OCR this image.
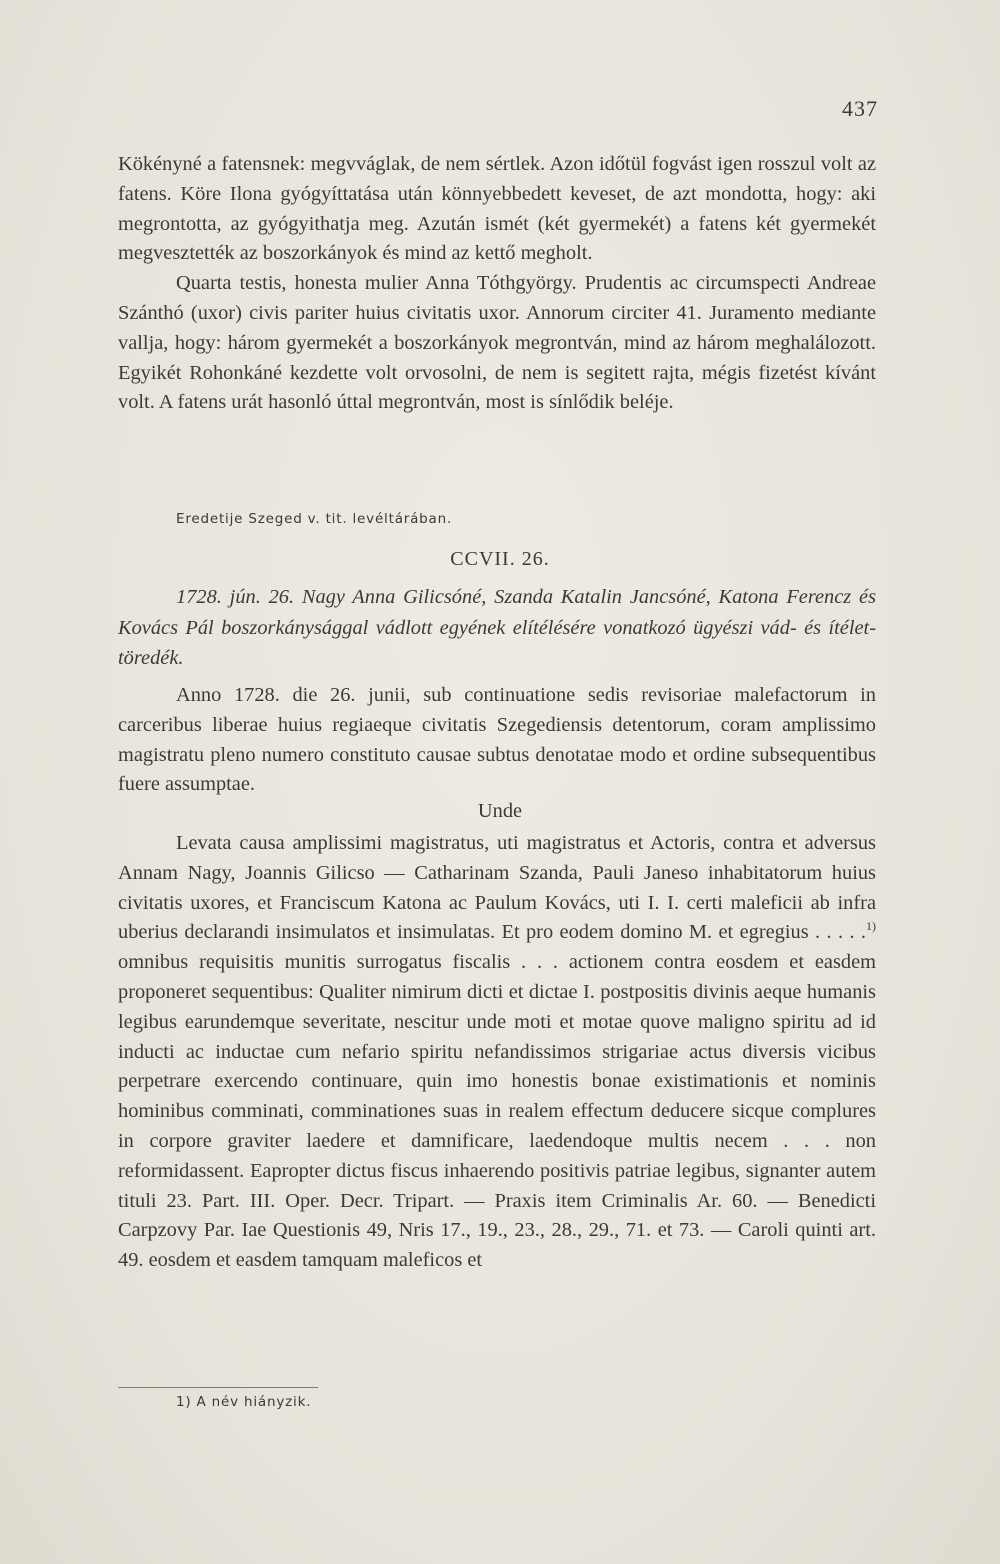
437

Kökényné a fatensnek: megvváglak, de nem sértlek. Azon időtül fogvást igen rosszul volt az fatens. Köre Ilona gyógyíttatása után könnyebbedett keveset, de azt mondotta, hogy: aki megrontotta, az gyógyithatja meg. Azután ismét (két gyermekét) a fatens két gyermekét megvesztették az boszorkányok és mind az kettő megholt.

Quarta testis, honesta mulier Anna Tóthgyörgy. Prudentis ac circumspecti Andreae Szánthó (uxor) civis pariter huius civitatis uxor. Annorum circiter 41. Juramento mediante vallja, hogy: három gyermekét a boszorkányok megrontván, mind az három meghalálozott. Egyikét Rohonkáné kezdette volt orvosolni, de nem is segitett rajta, mégis fizetést kívánt volt. A fatens urát hasonló úttal megrontván, most is sínlődik beléje.

Eredetije Szeged v. tit. levéltárában.
CCVII. 26.

1728. jún. 26. Nagy Anna Gilicsóné, Szanda Katalin Jancsóné, Katona Ferencz és Kovács Pál boszorkánysággal vádlott egyének elítélésére vonatkozó ügyészi vád- és ítélet-töredék.

Anno 1728. die 26. junii, sub continuatione sedis revisoriae malefactorum in carceribus liberae huius regiaeque civitatis Szegediensis detentorum, coram amplissimo magistratu pleno numero constituto causae subtus denotatae modo et ordine subsequentibus fuere assumptae.

Unde

Levata causa amplissimi magistratus, uti magistratus et Actoris, contra et adversus Annam Nagy, Joannis Gilicso — Catharinam Szanda, Pauli Janeso inhabitatorum huius civitatis uxores, et Franciscum Katona ac Paulum Kovács, uti I. I. certi maleficii ab infra uberius declarandi insimulatos et insimulatas. Et pro eodem domino M. et egregius . . . . .$^{1)}$ omnibus requisitis munitis surrogatus fiscalis . . . actionem contra eosdem et easdem proponeret sequentibus: Qualiter nimirum dicti et dictae I. postpositis divinis aeque humanis legibus earundemque severitate, nescitur unde moti et motae quove maligno spiritu ad id inducti ac inductae cum nefario spiritu nefandissimos strigariae actus diversis vicibus perpetrare exercendo continuare, quin imo honestis bonae existimationis et nominis hominibus comminati, comminationes suas in realem effectum deducere sicque complures in corpore graviter laedere et damnificare, laedendoque multis necem . . . non reformidassent. Eapropter dictus fiscus inhaerendo positivis patriae legibus, signanter autem tituli 23. Part. III. Oper. Decr. Tripart. — Praxis item Criminalis Ar. 60. — Benedicti Carpzovy Par. Iae Questionis 49, Nris 17., 19., 23., 28., 29., 71. et 73. — Caroli quinti art. 49. eosdem et easdem tamquam maleficos et

1) A név hiányzik.
